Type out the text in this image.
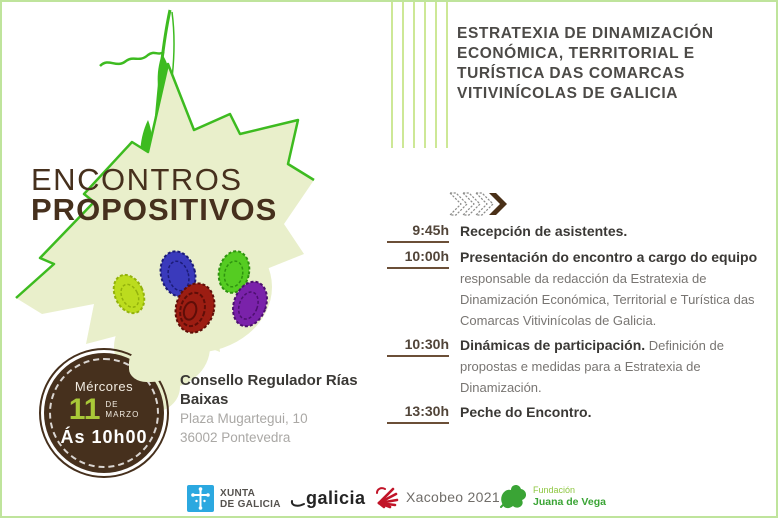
ESTRATEXIA DE DINAMIZACIÓN ECONÓMICA, TERRITORIAL E TURÍSTICA DAS COMARCAS VITIVINÍCOLAS DE GALICIA
ENCONTROS
PROPOSITIVOS
9:45h Recepción de asistentes.
10:00h Presentación do encontro a cargo do equipo responsable da redacción da Estratexia de Dinamización Económica, Territorial e Turística das Comarcas Vitivinícolas de Galicia.
10:30h Dinámicas de participación. Definición de propostas e medidas para a Estratexia de Dinamización.
13:30h Peche do Encontro.
Mércores
11 DE
MARZO
Ás 10h00
Consello Regulador Rías Baixas
Plaza Mugartegui, 10
36002 Pontevedra
XUNTA
DE GALICIA galicia	Xacobeo 2021	Fundación
Juana de Vega
